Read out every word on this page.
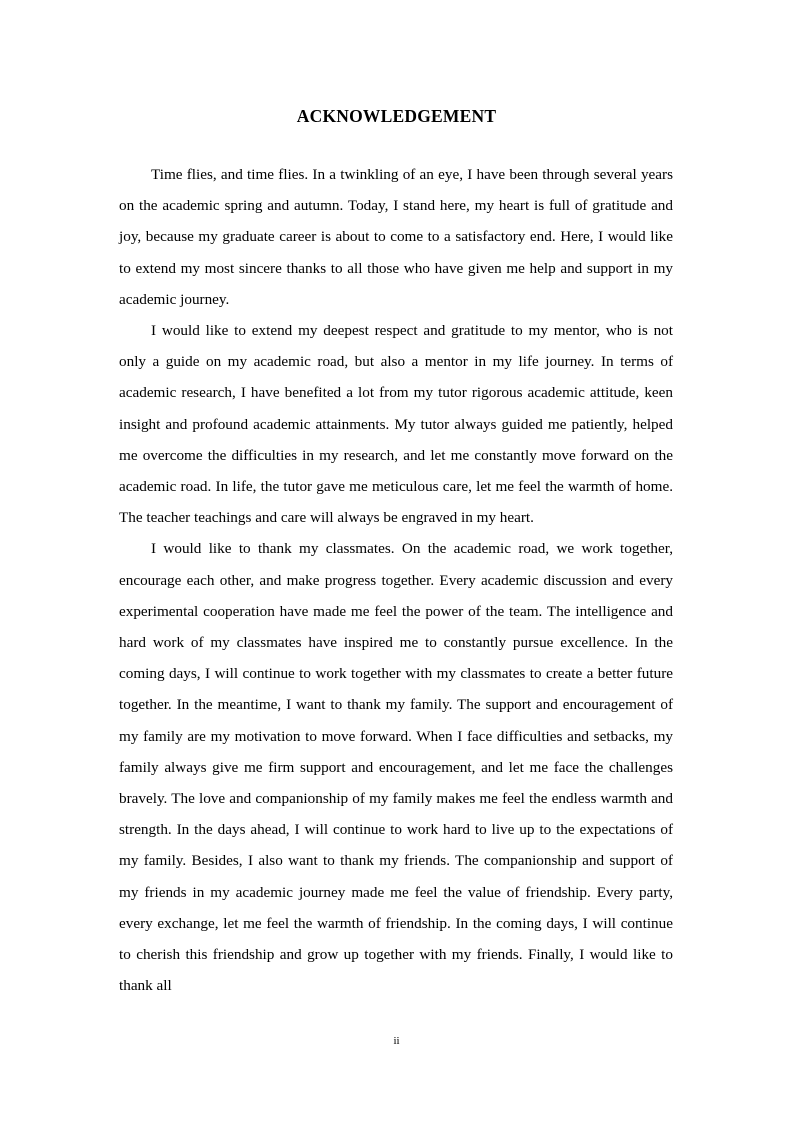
ACKNOWLEDGEMENT

Time flies, and time flies. In a twinkling of an eye, I have been through several years on the academic spring and autumn. Today, I stand here, my heart is full of gratitude and joy, because my graduate career is about to come to a satisfactory end. Here, I would like to extend my most sincere thanks to all those who have given me help and support in my academic journey.

I would like to extend my deepest respect and gratitude to my mentor, who is not only a guide on my academic road, but also a mentor in my life journey. In terms of academic research, I have benefited a lot from my tutor rigorous academic attitude, keen insight and profound academic attainments. My tutor always guided me patiently, helped me overcome the difficulties in my research, and let me constantly move forward on the academic road. In life, the tutor gave me meticulous care, let me feel the warmth of home. The teacher teachings and care will always be engraved in my heart.

I would like to thank my classmates. On the academic road, we work together, encourage each other, and make progress together. Every academic discussion and every experimental cooperation have made me feel the power of the team. The intelligence and hard work of my classmates have inspired me to constantly pursue excellence. In the coming days, I will continue to work together with my classmates to create a better future together. In the meantime, I want to thank my family. The support and encouragement of my family are my motivation to move forward. When I face difficulties and setbacks, my family always give me firm support and encouragement, and let me face the challenges bravely. The love and companionship of my family makes me feel the endless warmth and strength. In the days ahead, I will continue to work hard to live up to the expectations of my family. Besides, I also want to thank my friends. The companionship and support of my friends in my academic journey made me feel the value of friendship. Every party, every exchange, let me feel the warmth of friendship. In the coming days, I will continue to cherish this friendship and grow up together with my friends. Finally, I would like to thank all

ii
